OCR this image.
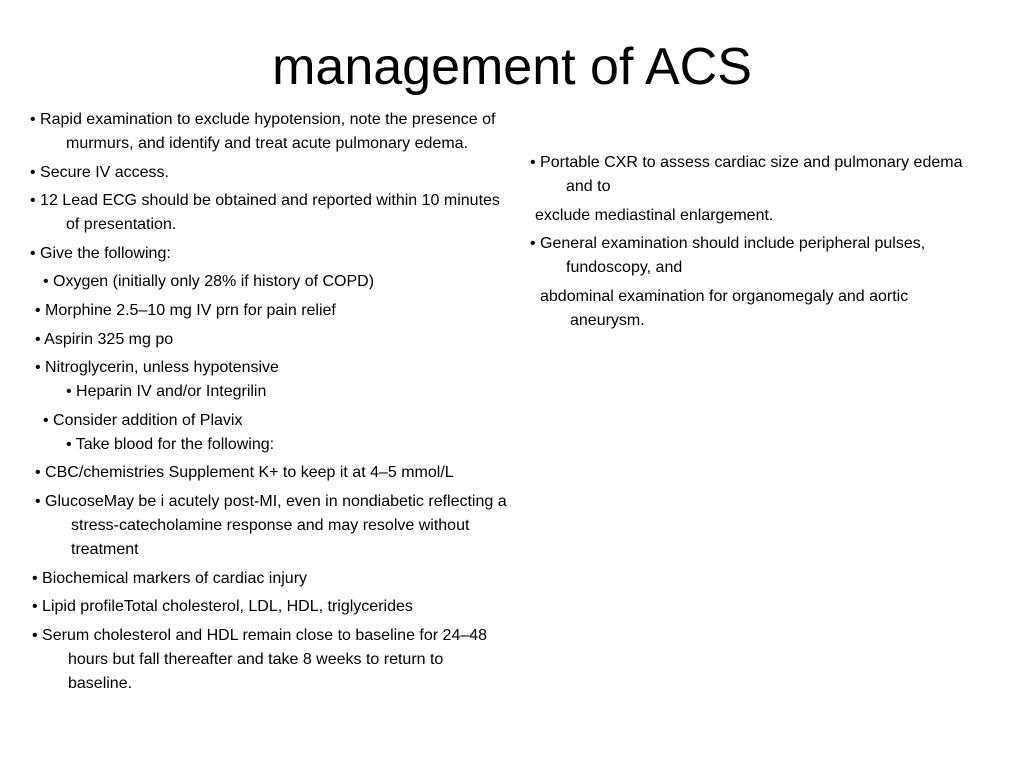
management of ACS
• Rapid examination to exclude hypotension, note the presence of murmurs, and identify and treat acute pulmonary edema.
• Secure IV access.
• 12 Lead ECG should be obtained and reported within 10 minutes of presentation.
• Give the following:
• Oxygen (initially only 28% if history of COPD)
• Morphine 2.5–10 mg IV prn for pain relief
• Aspirin 325 mg po
• Nitroglycerin, unless hypotensive
• Heparin IV and/or Integrilin
• Consider addition of Plavix
• Take blood for the following:
• CBC/chemistries Supplement K+ to keep it at 4–5 mmol/L
• GlucoseMay be i acutely post-MI, even in nondiabetic reflecting a stress-catecholamine response and may resolve without treatment
• Biochemical markers of cardiac injury
• Lipid profileTotal cholesterol, LDL, HDL, triglycerides
• Serum cholesterol and HDL remain close to baseline for 24–48 hours but fall thereafter and take 8 weeks to return to baseline.
• Portable CXR to assess cardiac size and pulmonary edema and to
exclude mediastinal enlargement.
• General examination should include peripheral pulses, fundoscopy, and
abdominal examination for organomegaly and aortic aneurysm.
